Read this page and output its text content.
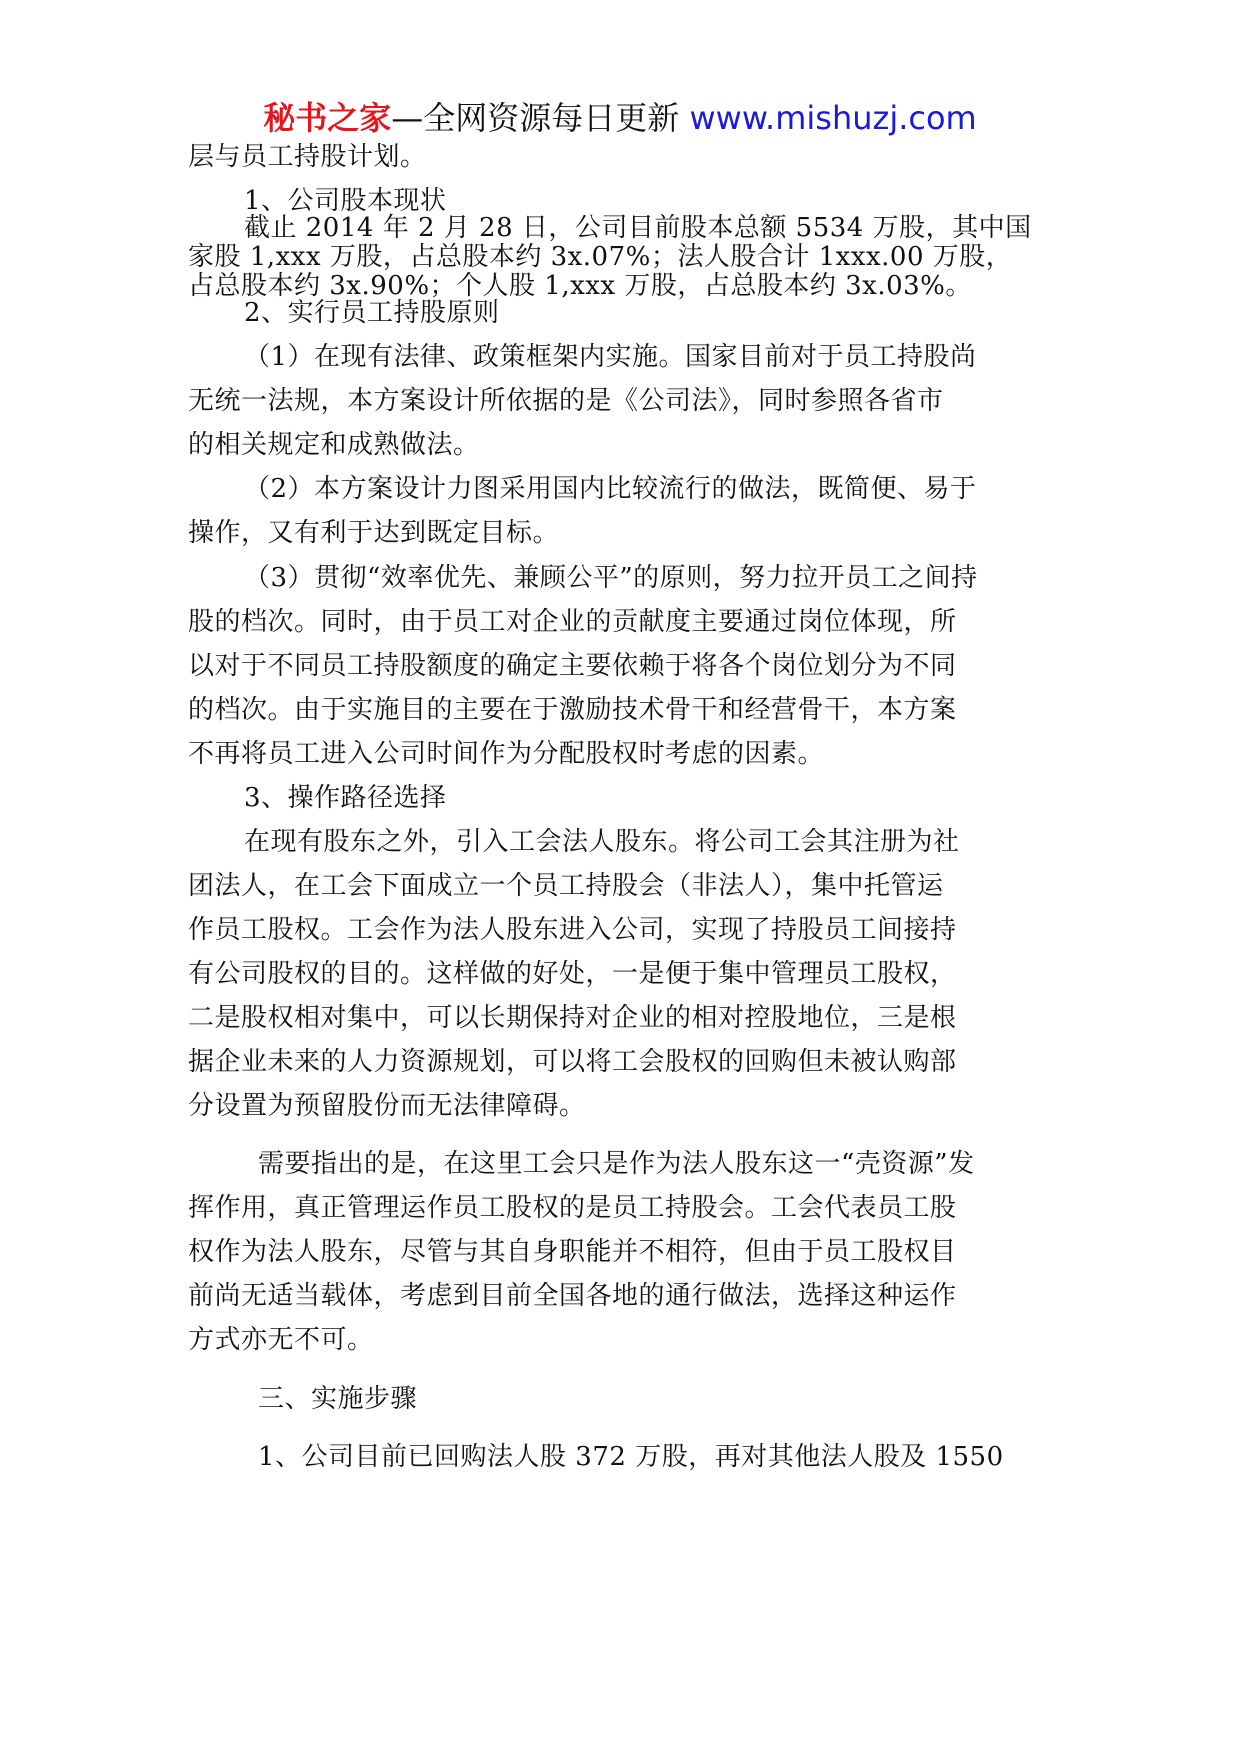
秘书之家—全网资源每日更新 www.mishuzj.com
层与员工持股计划。
1、公司股本现状
截止 2014 年 2 月 28 日，公司目前股本总额 5534 万股，其中国
家股 1,xxx 万股，占总股本约 3x.07%；法人股合计 1xxx.00 万股，
占总股本约 3x.90%；个人股 1,xxx 万股，占总股本约 3x.03%。
2、实行员工持股原则
（1）在现有法律、政策框架内实施。国家目前对于员工持股尚
无统一法规，本方案设计所依据的是《公司法》，同时参照各省市
的相关规定和成熟做法。
（2）本方案设计力图采用国内比较流行的做法，既简便、易于
操作，又有利于达到既定目标。
（3）贯彻“效率优先、兼顾公平”的原则，努力拉开员工之间持
股的档次。同时，由于员工对企业的贡献度主要通过岗位体现，所
以对于不同员工持股额度的确定主要依赖于将各个岗位划分为不同
的档次。由于实施目的主要在于激励技术骨干和经营骨干，本方案
不再将员工进入公司时间作为分配股权时考虑的因素。
3、操作路径选择
在现有股东之外，引入工会法人股东。将公司工会其注册为社
团法人，在工会下面成立一个员工持股会（非法人），集中托管运
作员工股权。工会作为法人股东进入公司，实现了持股员工间接持
有公司股权的目的。这样做的好处，一是便于集中管理员工股权，
二是股权相对集中，可以长期保持对企业的相对控股地位，三是根
据企业未来的人力资源规划，可以将工会股权的回购但未被认购部
分设置为预留股份而无法律障碍。
需要指出的是，在这里工会只是作为法人股东这一“壳资源”发
挥作用，真正管理运作员工股权的是员工持股会。工会代表员工股
权作为法人股东，尽管与其自身职能并不相符，但由于员工股权目
前尚无适当载体，考虑到目前全国各地的通行做法，选择这种运作
方式亦无不可。
三、实施步骤
1、公司目前已回购法人股 372 万股，再对其他法人股及 1550
